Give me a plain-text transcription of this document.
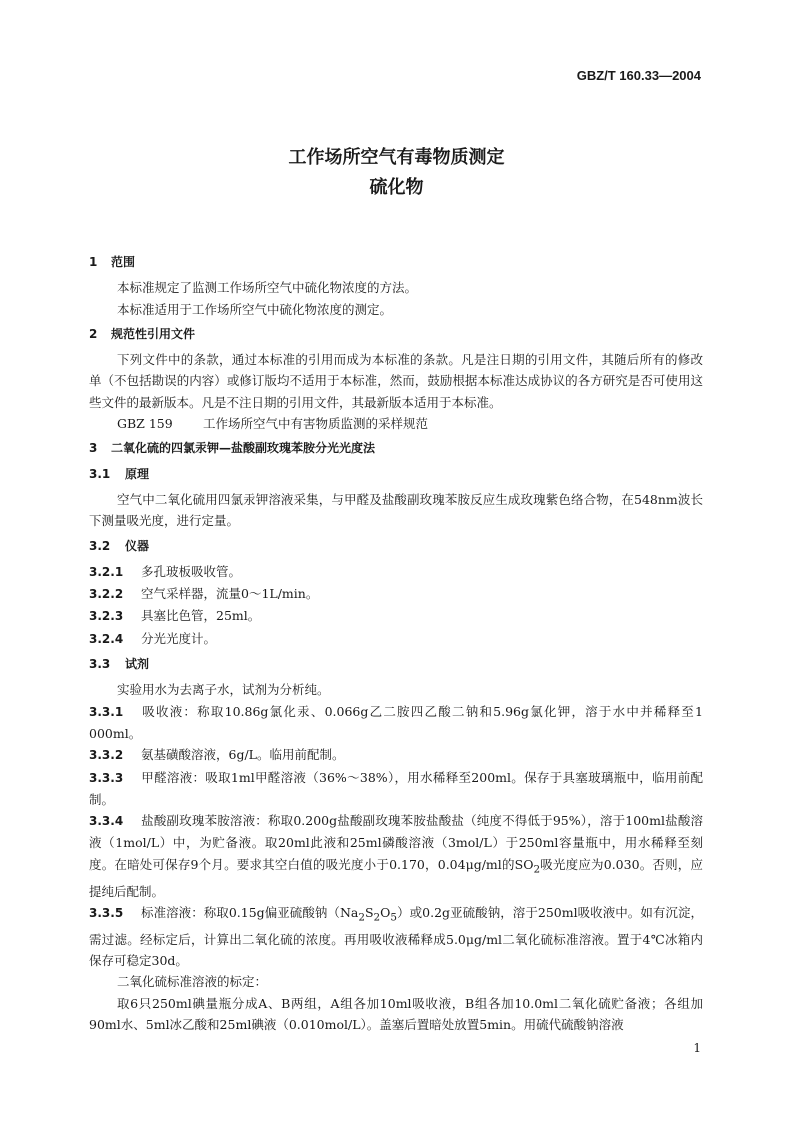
GBZ/T 160.33—2004
工作场所空气有毒物质测定
硫化物
1 范围
本标准规定了监测工作场所空气中硫化物浓度的方法。
本标准适用于工作场所空气中硫化物浓度的测定。
2 规范性引用文件
下列文件中的条款，通过本标准的引用而成为本标准的条款。凡是注日期的引用文件，其随后所有的修改单（不包括勘误的内容）或修订版均不适用于本标准，然而，鼓励根据本标准达成协议的各方研究是否可使用这些文件的最新版本。凡是不注日期的引用文件，其最新版本适用于本标准。
GBZ 159 工作场所空气中有害物质监测的采样规范
3 二氧化硫的四氯汞钾—盐酸副玫瑰苯胺分光光度法
3.1 原理
空气中二氧化硫用四氯汞钾溶液采集，与甲醛及盐酸副玫瑰苯胺反应生成玫瑰紫色络合物，在548nm波长下测量吸光度，进行定量。
3.2 仪器
3.2.1 多孔玻板吸收管。
3.2.2 空气采样器，流量0～1L/min。
3.2.3 具塞比色管，25ml。
3.2.4 分光光度计。
3.3 试剂
实验用水为去离子水，试剂为分析纯。
3.3.1 吸收液：称取10.86g氯化汞、0.066g乙二胺四乙酸二钠和5.96g氯化钾，溶于水中并稀释至1 000ml。
3.3.2 氨基磺酸溶液，6g/L。临用前配制。
3.3.3 甲醛溶液：吸取1ml甲醛溶液（36%～38%），用水稀释至200ml。保存于具塞玻璃瓶中，临用前配制。
3.3.4 盐酸副玫瑰苯胺溶液：称取0.200g盐酸副玫瑰苯胺盐酸盐（纯度不得低于95%），溶于100ml盐酸溶液（1mol/L）中，为贮备液。取20ml此液和25ml磷酸溶液（3mol/L）于250ml容量瓶中，用水稀释至刻度。在暗处可保存9个月。要求其空白值的吸光度小于0.170，0.04μg/ml的$SO_2$吸光度应为0.030。否则，应提纯后配制。
3.3.5 标准溶液：称取0.15g偏亚硫酸钠$(Na_2S_2O_5)$或0.2g亚硫酸钠，溶于250ml吸收液中。如有沉淀，需过滤。经标定后，计算出二氧化硫的浓度。再用吸收液稀释成5.0μg/ml二氧化硫标准溶液。置于4℃冰箱内保存可稳定30d。
二氧化硫标准溶液的标定：
取6只250ml碘量瓶分成A、B两组，A组各加10ml吸收液，B组各加10.0ml二氧化硫贮备液；各组加90ml水、5ml冰乙酸和25ml碘液（0.010mol/L）。盖塞后置暗处放置5min。用硫代硫酸钠溶液
1
